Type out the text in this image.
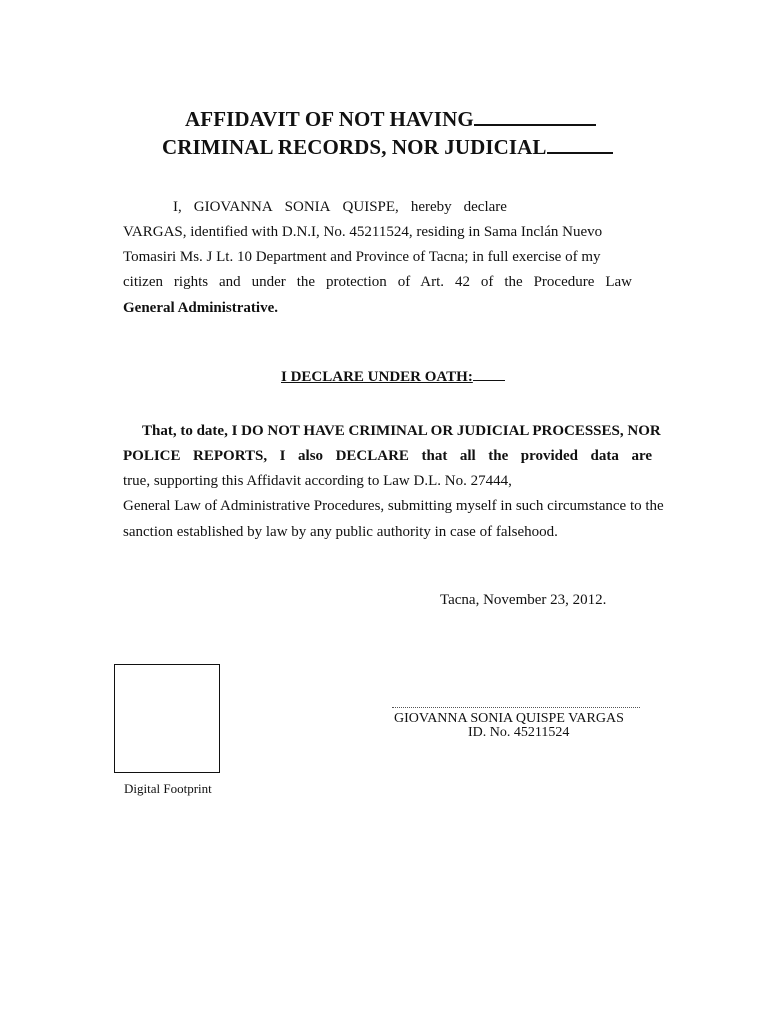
AFFIDAVIT OF NOT HAVING
CRIMINAL RECORDS, NOR JUDICIAL
I, GIOVANNA SONIA QUISPE, hereby declare
VARGAS, identified with D.N.I, No. 45211524, residing in Sama Inclán Nuevo
Tomasiri Ms. J Lt. 10 Department and Province of Tacna; in full exercise of my
citizen rights and under the protection of Art. 42 of the Procedure Law
General Administrative.
I DECLARE UNDER OATH:
That, to date, I DO NOT HAVE CRIMINAL OR JUDICIAL PROCESSES, NOR
POLICE REPORTS, I also DECLARE that all the provided data are
true, supporting this Affidavit according to Law D.L. No. 27444,
General Law of Administrative Procedures, submitting myself in such circumstance to the
sanction established by law by any public authority in case of falsehood.
Tacna, November 23, 2012.
Digital Footprint
GIOVANNA SONIA QUISPE VARGAS
ID. No. 45211524
